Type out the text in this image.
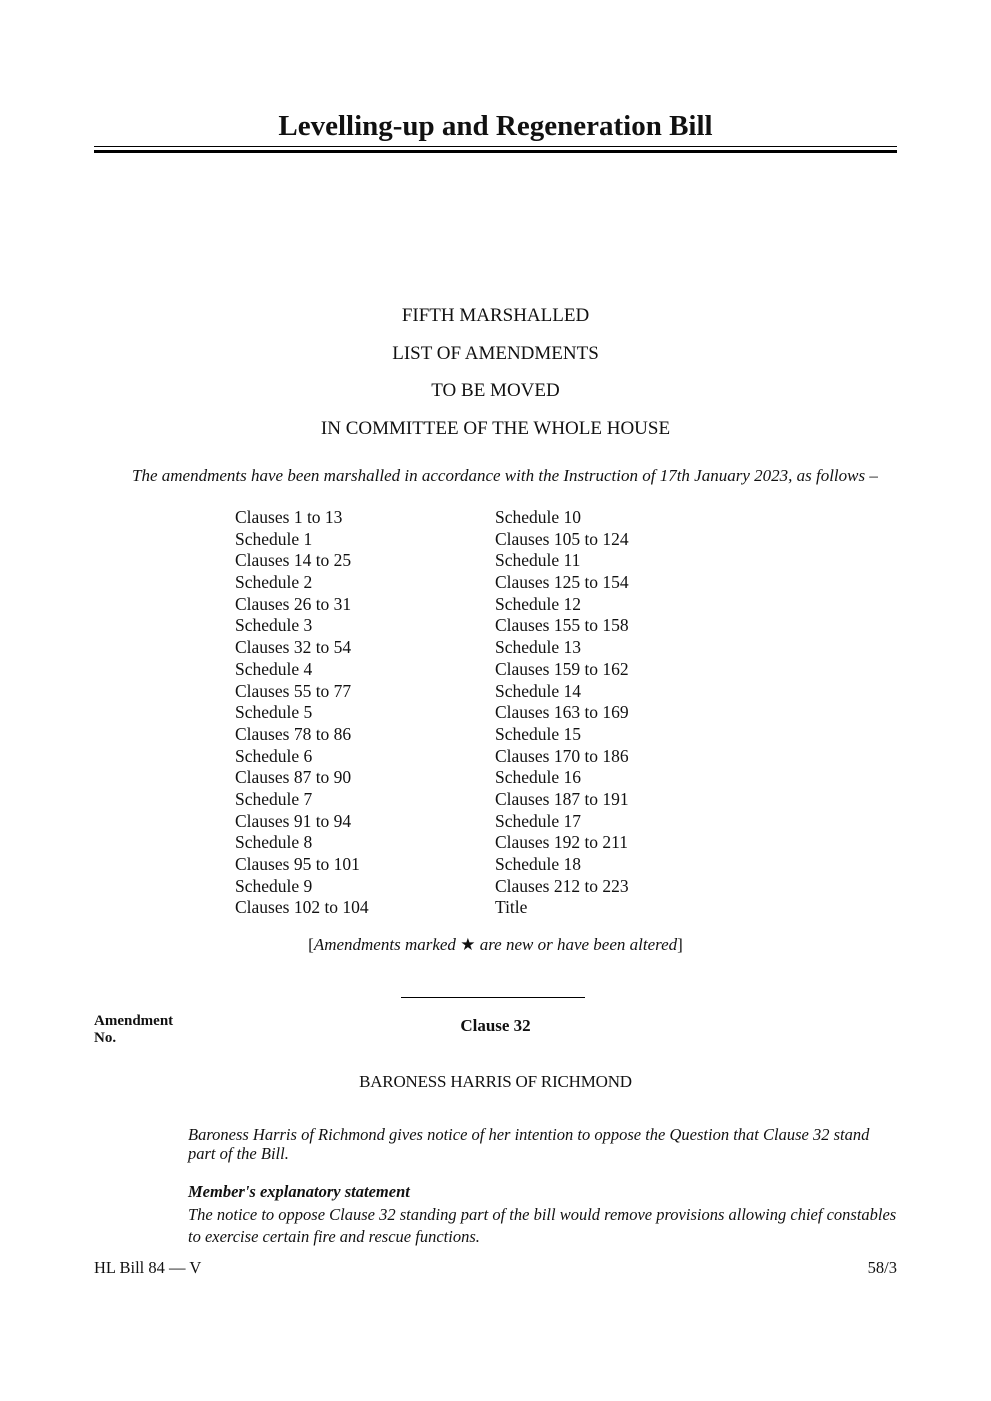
Levelling-up and Regeneration Bill
FIFTH MARSHALLED
LIST OF AMENDMENTS
TO BE MOVED
IN COMMITTEE OF THE WHOLE HOUSE
The amendments have been marshalled in accordance with the Instruction of 17th January 2023, as follows –
Clauses 1 to 13
Schedule 1
Clauses 14 to 25
Schedule 2
Clauses 26 to 31
Schedule 3
Clauses 32 to 54
Schedule 4
Clauses 55 to 77
Schedule 5
Clauses 78 to 86
Schedule 6
Clauses 87 to 90
Schedule 7
Clauses 91 to 94
Schedule 8
Clauses 95 to 101
Schedule 9
Clauses 102 to 104
Schedule 10
Clauses 105 to 124
Schedule 11
Clauses 125 to 154
Schedule 12
Clauses 155 to 158
Schedule 13
Clauses 159 to 162
Schedule 14
Clauses 163 to 169
Schedule 15
Clauses 170 to 186
Schedule 16
Clauses 187 to 191
Schedule 17
Clauses 192 to 211
Schedule 18
Clauses 212 to 223
Title
[Amendments marked ★ are new or have been altered]
Amendment
No.
Clause 32
BARONESS HARRIS OF RICHMOND
Baroness Harris of Richmond gives notice of her intention to oppose the Question that Clause 32 stand part of the Bill.
Member's explanatory statement
The notice to oppose Clause 32 standing part of the bill would remove provisions allowing chief constables to exercise certain fire and rescue functions.
HL Bill 84 — V	58/3
